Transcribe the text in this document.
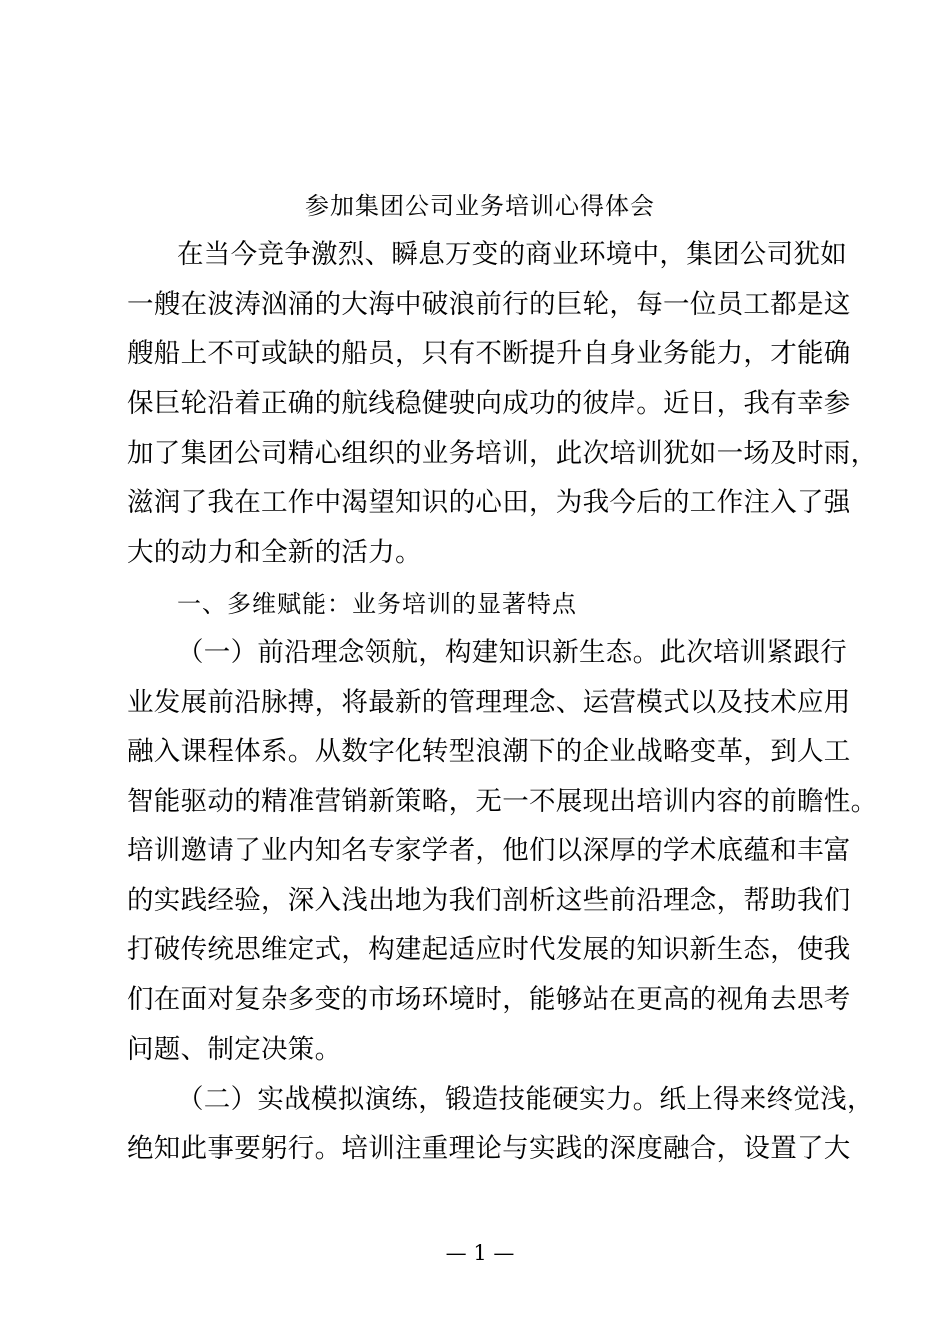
参加集团公司业务培训心得体会
在当今竞争激烈、瞬息万变的商业环境中，集团公司犹如
一艘在波涛汹涌的大海中破浪前行的巨轮，每一位员工都是这
艘船上不可或缺的船员，只有不断提升自身业务能力，才能确
保巨轮沿着正确的航线稳健驶向成功的彼岸。近日，我有幸参
加了集团公司精心组织的业务培训，此次培训犹如一场及时雨，
滋润了我在工作中渴望知识的心田，为我今后的工作注入了强
大的动力和全新的活力。
一、多维赋能：业务培训的显著特点
（一）前沿理念领航，构建知识新生态。此次培训紧跟行
业发展前沿脉搏，将最新的管理理念、运营模式以及技术应用
融入课程体系。从数字化转型浪潮下的企业战略变革，到人工
智能驱动的精准营销新策略，无一不展现出培训内容的前瞻性。
培训邀请了业内知名专家学者，他们以深厚的学术底蕴和丰富
的实践经验，深入浅出地为我们剖析这些前沿理念，帮助我们
打破传统思维定式，构建起适应时代发展的知识新生态，使我
们在面对复杂多变的市场环境时，能够站在更高的视角去思考
问题、制定决策。
（二）实战模拟演练，锻造技能硬实力。纸上得来终觉浅，
绝知此事要躬行。培训注重理论与实践的深度融合，设置了大
— 1 —
